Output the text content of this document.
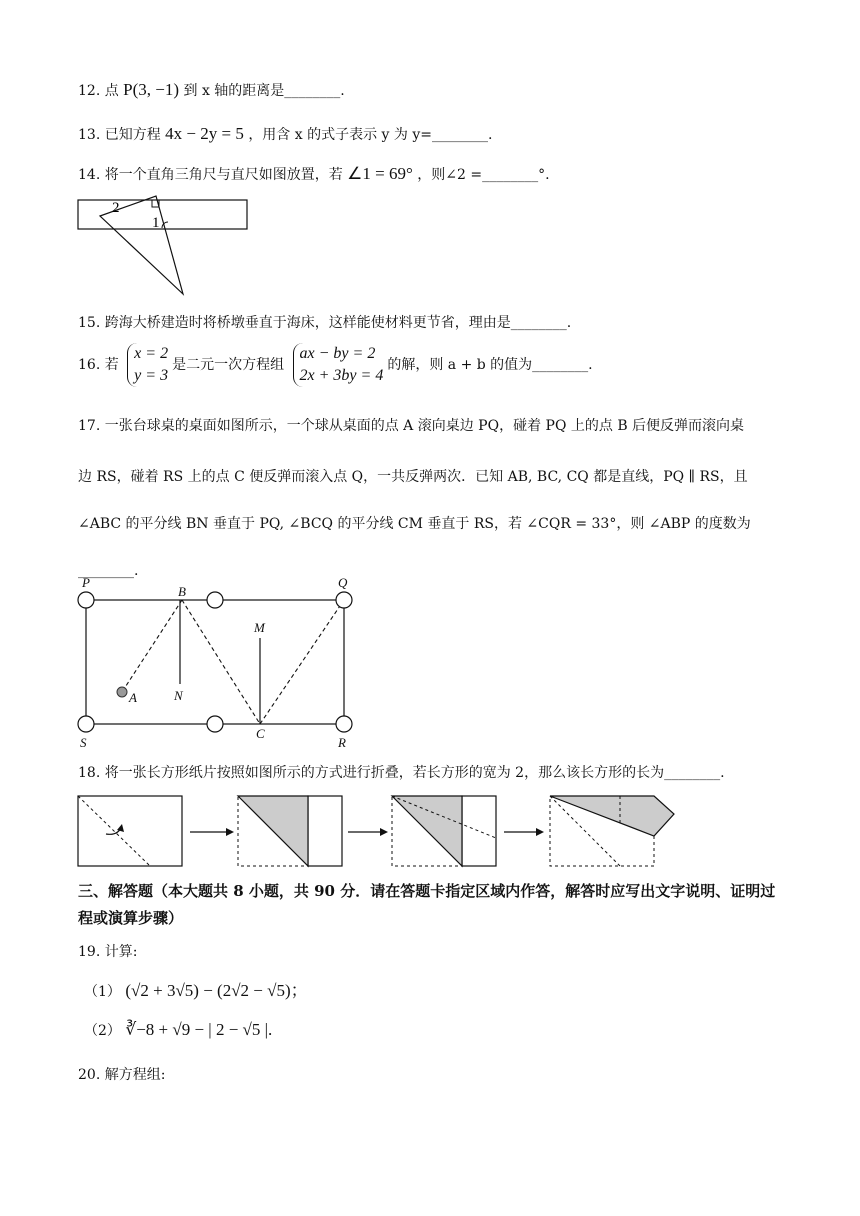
12. 点 P(3, −1) 到 x 轴的距离是________.
13. 已知方程 4x − 2y = 5 ，用含 x 的式子表示 y 为 y=________.
14. 将一个直角三角尺与直尺如图放置，若 ∠1 = 69° ，则∠2 =________°.
2
1
15. 跨海大桥建造时将桥墩垂直于海床，这样能使材料更节省，理由是________.
16. 若 x = 2
y = 3是二元一次方程组 ax − by = 2
2x + 3by = 4的解，则 a + b 的值为________.
17. 一张台球桌的桌面如图所示，一个球从桌面的点 A 滚向桌边 PQ，碰着 PQ 上的点 B 后便反弹而滚向桌
边 RS，碰着 RS 上的点 C 便反弹而滚入点 Q，一共反弹两次．已知 AB, BC, CQ 都是直线，PQ ∥ RS，且
∠ABC 的平分线 BN 垂直于 PQ, ∠BCQ 的平分线 CM 垂直于 RS，若 ∠CQR = 33°，则 ∠ABP 的度数为
________.
P
B
Q
M
A	N
S
C
R
18. 将一张长方形纸片按照如图所示的方式进行折叠，若长方形的宽为 2，那么该长方形的长为________.
三、解答题（本大题共 8 小题，共 90 分．请在答题卡指定区域内作答，解答时应写出文字说明、证明过程或演算步骤）
19. 计算:
（1） (√2 + 3√5) − (2√2 − √5)；
（2） ∛−8 + √9 − | 2 − √5 |.
20. 解方程组:
